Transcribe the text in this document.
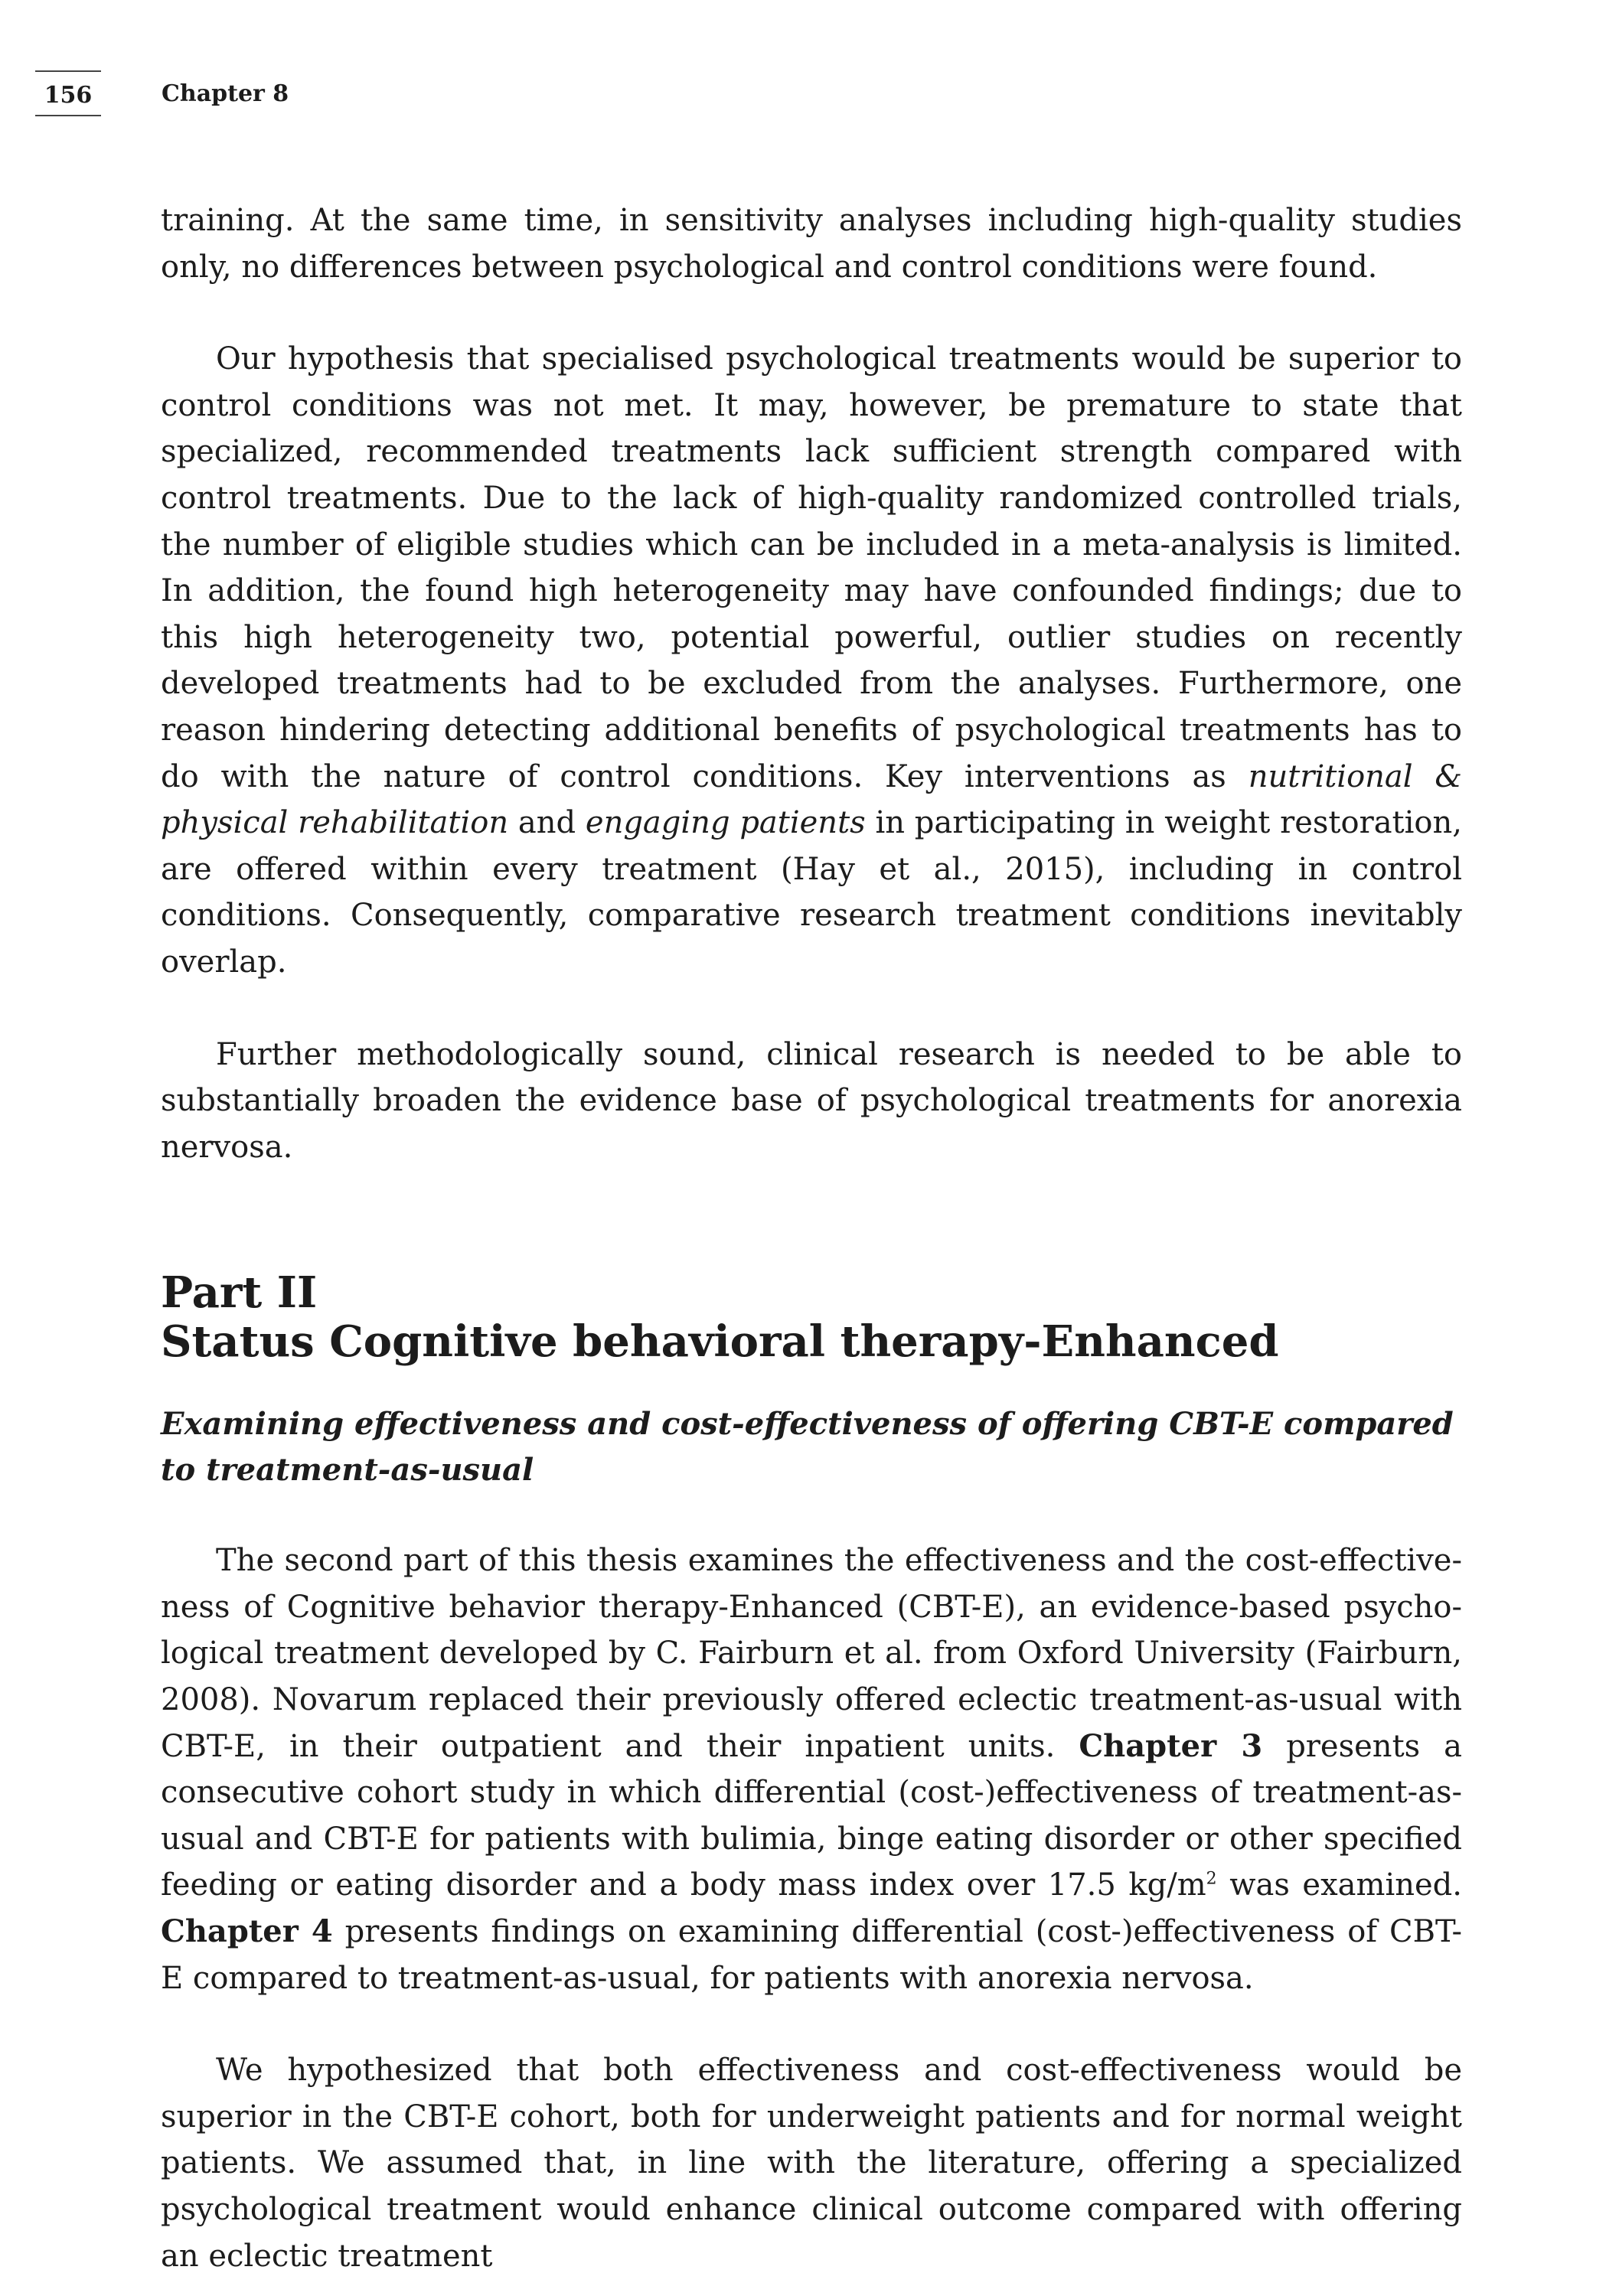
156	Chapter 8

training. At the same time, in sensitivity analyses including high-quality studies only, no differences between psychological and control conditions were found.

Our hypothesis that specialised psychological treatments would be superior to control conditions was not met. It may, however, be premature to state that specialized, recommended treatments lack sufficient strength compared with control treatments. Due to the lack of high-quality randomized controlled trials, the number of eligible studies which can be included in a meta-analysis is limited. In addition, the found high heterogeneity may have confounded findings; due to this high heterogeneity two, potential powerful, outlier studies on recently developed treatments had to be excluded from the analyses. Furthermore, one reason hindering detecting additional benefits of psychological treatments has to do with the nature of control conditions. Key interventions as nutritional & physical rehabilitation and engaging patients in participating in weight restoration, are offered within every treatment (Hay et al., 2015), including in control conditions. Consequently, comparative research treatment conditions inevitably overlap.

Further methodologically sound, clinical research is needed to be able to substantially broaden the evidence base of psychological treatments for anorexia nervosa.

Part II
Status Cognitive behavioral therapy-Enhanced
Examining effectiveness and cost-effectiveness of offering CBT-E compared
to treatment-as-usual

The second part of this thesis examines the effectiveness and the cost-effectiveness of Cognitive behavior therapy-Enhanced (CBT-E), an evidence-based psychological treatment developed by C. Fairburn et al. from Oxford University (Fairburn, 2008). Novarum replaced their previously offered eclectic treatment-as-usual with CBT-E, in their outpatient and their inpatient units. Chapter 3 presents a consecutive cohort study in which differential (cost-)effectiveness of treatment-as-usual and CBT-E for patients with bulimia, binge eating disorder or other specified feeding or eating disorder and a body mass index over 17.5 $kg/m^2$ was examined. Chapter 4 presents findings on examining differential (cost-)effectiveness of CBT-E compared to treatment-as-usual, for patients with anorexia nervosa.

We hypothesized that both effectiveness and cost-effectiveness would be superior in the CBT-E cohort, both for underweight patients and for normal weight patients. We assumed that, in line with the literature, offering a specialized psychological treatment would enhance clinical outcome compared with offering an eclectic treatment
